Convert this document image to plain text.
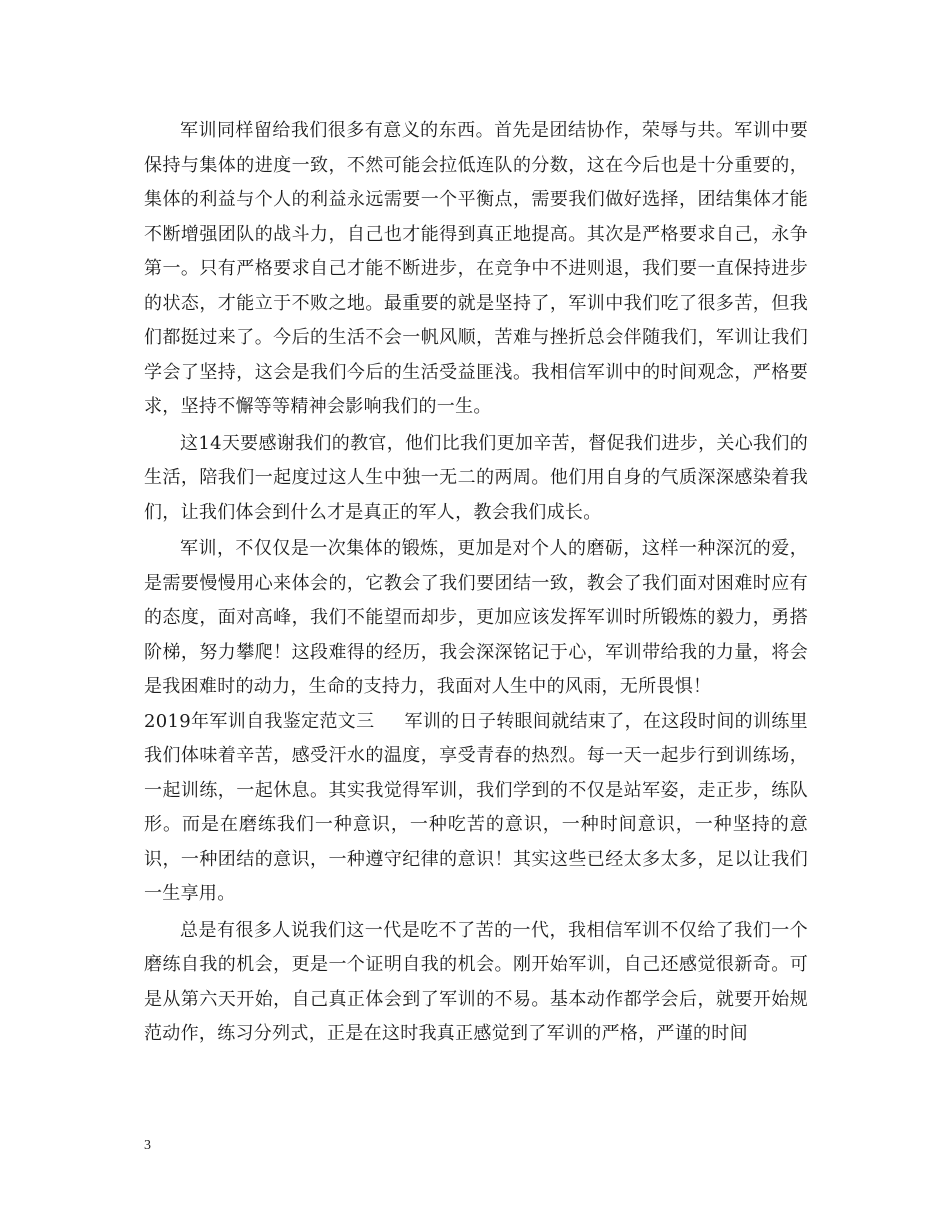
军训同样留给我们很多有意义的东西。首先是团结协作，荣辱与共。军训中要保持与集体的进度一致，不然可能会拉低连队的分数，这在今后也是十分重要的，集体的利益与个人的利益永远需要一个平衡点，需要我们做好选择，团结集体才能不断增强团队的战斗力，自己也才能得到真正地提高。其次是严格要求自己，永争第一。只有严格要求自己才能不断进步，在竞争中不进则退，我们要一直保持进步的状态，才能立于不败之地。最重要的就是坚持了，军训中我们吃了很多苦，但我们都挺过来了。今后的生活不会一帆风顺，苦难与挫折总会伴随我们，军训让我们学会了坚持，这会是我们今后的生活受益匪浅。我相信军训中的时间观念，严格要求，坚持不懈等等精神会影响我们的一生。

这14天要感谢我们的教官，他们比我们更加辛苦，督促我们进步，关心我们的生活，陪我们一起度过这人生中独一无二的两周。他们用自身的气质深深感染着我们，让我们体会到什么才是真正的军人，教会我们成长。

军训，不仅仅是一次集体的锻炼，更加是对个人的磨砺，这样一种深沉的爱，是需要慢慢用心来体会的，它教会了我们要团结一致，教会了我们面对困难时应有的态度，面对高峰，我们不能望而却步，更加应该发挥军训时所锻炼的毅力，勇搭阶梯，努力攀爬！这段难得的经历，我会深深铭记于心，军训带给我的力量，将会是我困难时的动力，生命的支持力，我面对人生中的风雨，无所畏惧！

2019年军训自我鉴定范文三 军训的日子转眼间就结束了，在这段时间的训练里我们体味着辛苦，感受汗水的温度，享受青春的热烈。每一天一起步行到训练场，一起训练，一起休息。其实我觉得军训，我们学到的不仅是站军姿，走正步，练队形。而是在磨练我们一种意识，一种吃苦的意识，一种时间意识，一种坚持的意识，一种团结的意识，一种遵守纪律的意识！其实这些已经太多太多，足以让我们一生享用。

总是有很多人说我们这一代是吃不了苦的一代，我相信军训不仅给了我们一个磨练自我的机会，更是一个证明自我的机会。刚开始军训，自己还感觉很新奇。可是从第六天开始，自己真正体会到了军训的不易。基本动作都学会后，就要开始规范动作，练习分列式，正是在这时我真正感觉到了军训的严格，严谨的时间

3
